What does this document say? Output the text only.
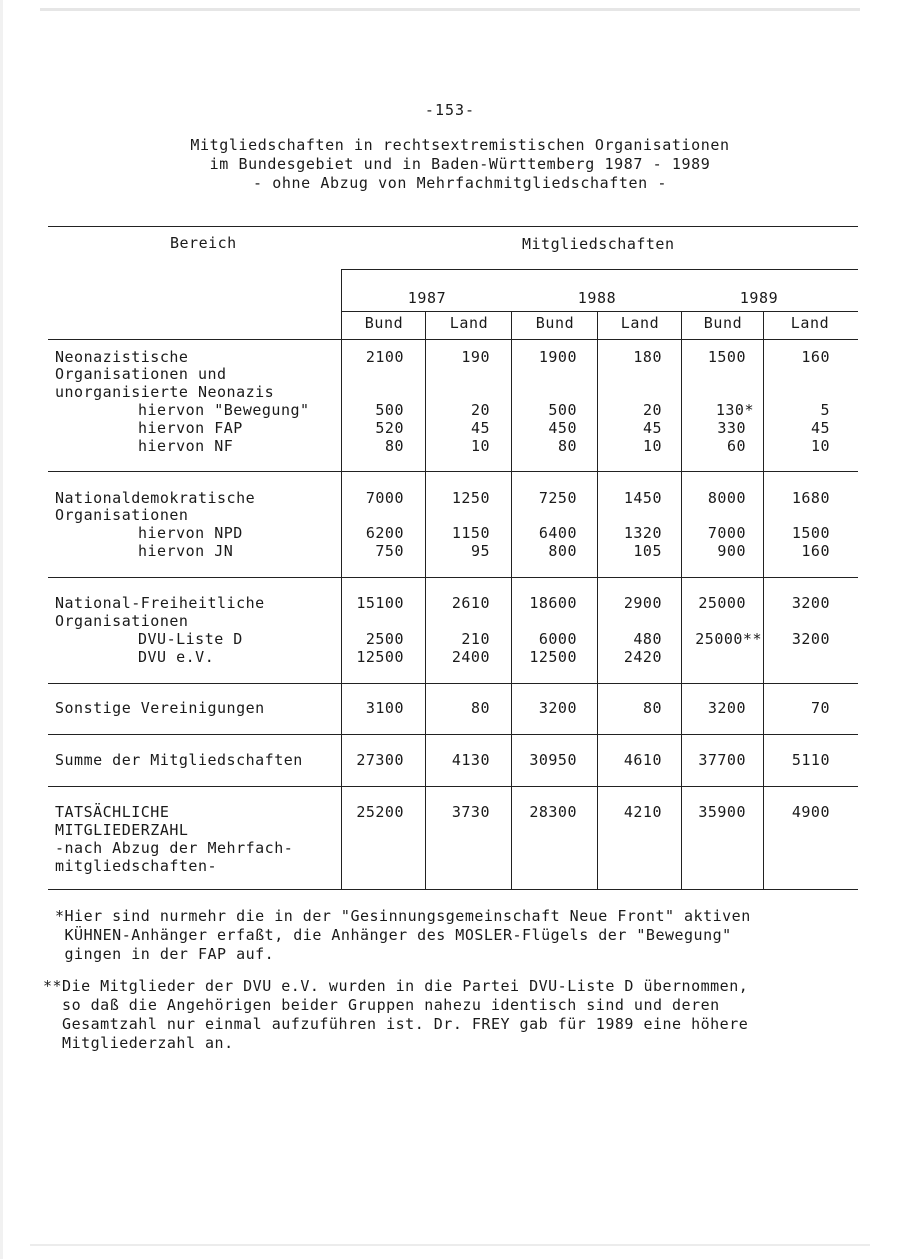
-153-
Mitgliedschaften in rechtsextremistischen Organisationen
im Bundesgebiet und in Baden-Württemberg 1987 - 1989
- ohne Abzug von Mehrfachmitgliedschaften -
Bereich	Mitgliedschaften
1987	1988	1989
Bund	Land	Bund	Land	Bund	Land
Neonazistische	2100	190	1900	180	1500	160
Organisationen und
unorganisierte Neonazis
hiervon "Bewegung"	500	20	500	20	130*	5
hiervon FAP	520	45	450	45	330	45
hiervon NF	80	10	80	10	60	10
Nationaldemokratische	7000	1250	7250	1450	8000	1680
Organisationen
hiervon NPD	6200	1150	6400	1320	7000	1500
hiervon JN	750	95	800	105	900	160
National-Freiheitliche	15100	2610	18600	2900	25000	3200
Organisationen
DVU-Liste D	2500	210	6000	480	25000**	3200
DVU e.V.	12500	2400	12500	2420
Sonstige Vereinigungen	3100	80	3200	80	3200	70
Summe der Mitgliedschaften	27300	4130	30950	4610	37700	5110
TATSÄCHLICHE	25200	3730	28300	4210	35900	4900
MITGLIEDERZAHL
-nach Abzug der Mehrfach-
mitgliedschaften-
*Hier sind nurmehr die in der "Gesinnungsgemeinschaft Neue Front" aktiven
KÜHNEN-Anhänger erfaßt, die Anhänger des MOSLER-Flügels der "Bewegung"
gingen in der FAP auf.
**Die Mitglieder der DVU e.V. wurden in die Partei DVU-Liste D übernommen,
so daß die Angehörigen beider Gruppen nahezu identisch sind und deren
Gesamtzahl nur einmal aufzuführen ist. Dr. FREY gab für 1989 eine höhere
Mitgliederzahl an.
